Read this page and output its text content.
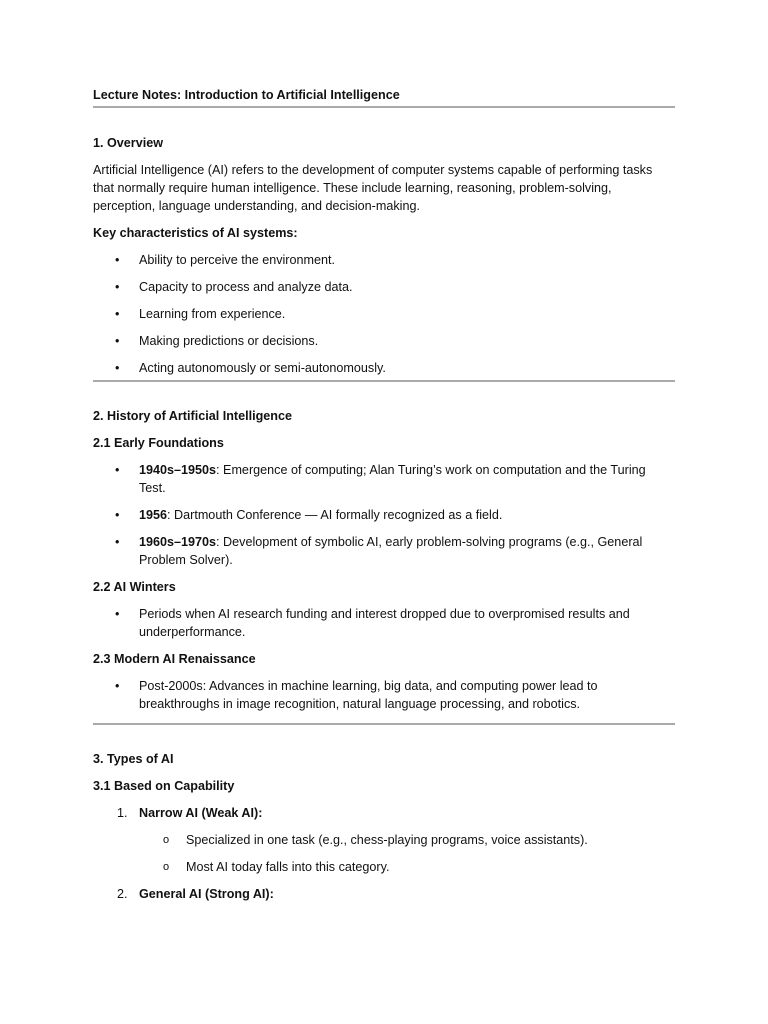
Lecture Notes: Introduction to Artificial Intelligence

1. Overview

Artificial Intelligence (AI) refers to the development of computer systems capable of performing tasks that normally require human intelligence. These include learning, reasoning, problem-solving, perception, language understanding, and decision-making.

Key characteristics of AI systems:

• Ability to perceive the environment.
• Capacity to process and analyze data.
• Learning from experience.
• Making predictions or decisions.
• Acting autonomously or semi-autonomously.
2. History of Artificial Intelligence
2.1 Early Foundations
• 1940s–1950s: Emergence of computing; Alan Turing’s work on computation and the Turing Test.
• 1956: Dartmouth Conference — AI formally recognized as a field.
• 1960s–1970s: Development of symbolic AI, early problem-solving programs (e.g., General Problem Solver).
2.2 AI Winters
• Periods when AI research funding and interest dropped due to overpromised results and underperformance.
2.3 Modern AI Renaissance
• Post-2000s: Advances in machine learning, big data, and computing power lead to breakthroughs in image recognition, natural language processing, and robotics.
3. Types of AI
3.1 Based on Capability
1. Narrow AI (Weak AI):
o Specialized in one task (e.g., chess-playing programs, voice assistants).
o Most AI today falls into this category.
2. General AI (Strong AI):
